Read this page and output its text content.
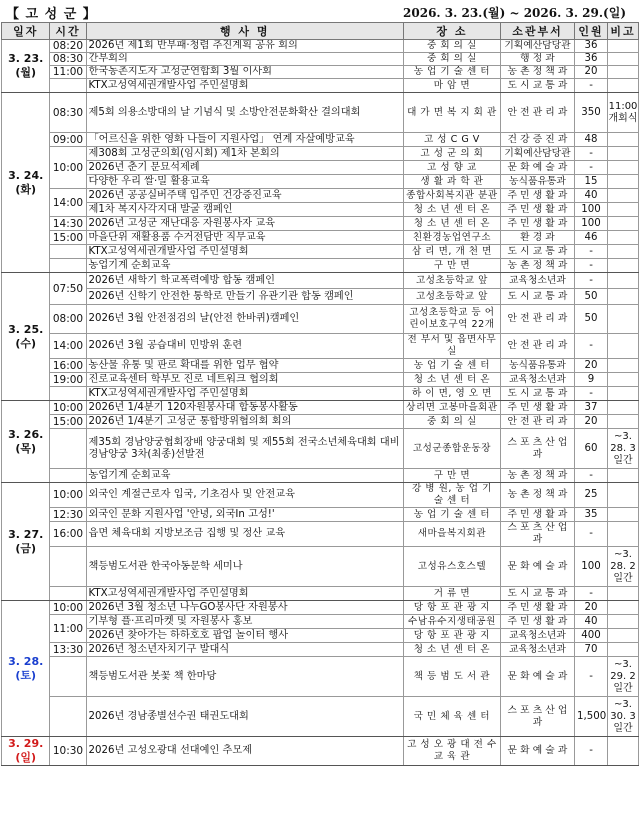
【 고 성 군 】	2026. 3. 23.(월) ~ 2026. 3. 29.(일)
일자	시간	행 사 명	장 소	소관부서	인원	비고

3. 23.
(월)	08:20	2026년 제1회 반부패·청렴 추진계획 공유 회의	중 회 의 실	기획예산담당관	36	
	08:30	간부회의	중 회 의 실	행 정 과	36	
	11:00	한국농촌지도자 고성군연합회 3월 이사회	농 업 기 술 센 터	농 촌 정 책 과	20	
		KTX고성역세권개발사업 주민설명회	마 암 면	도 시 교 통 과	-	

3. 24.
(화)	08:30	제5회 의용소방대의 날 기념식 및 소방안전문화확산 결의대회	대 가 면 복 지 회 관	안 전 관 리 과	350	11:00 개회식
	09:00	「어르신을 위한 영화 나들이 지원사업」 연계 자살예방교육	고 성 C G V	건 강 증 진 과	48	
	10:00	제308회 고성군의회(임시회) 제1차 본회의	고 성 군 의 회	기획예산담당관	-	
		2026년 춘기 문묘석제례	고 성 향 교	문 화 예 술 과	-	
		다양한 우리 쌀·밀 활용교육	생 활 과 학 관	농식품유통과	15	
	14:00	2026년 공공실버주택 입주민 건강증진교육	종합사회복지관 분관	주 민 생 활 과	40	
		제1차 복지사각지대 발굴 캠페인	청 소 년 센 터 온	주 민 생 활 과	100	
	14:30	2026년 고성군 재난대응 자원봉사자 교육	청 소 년 센 터 온	주 민 생 활 과	100	
	15:00	마을단위 재활용품 수거전담반 직무교육	친환경농업연구소	환 경 과	46	
		KTX고성역세권개발사업 주민설명회	삼 리 면, 개 천 면	도 시 교 통 과	-	
		농업기계 순회교육	구 만 면	농 촌 정 책 과	-	

3. 25.
(수)	07:50	2026년 새학기 학교폭력예방 합동 캠페인	고성초등학교 앞	교육청소년과	-	
		2026년 신학기 안전한 통학로 만들기 유관기관 합동 캠페인	고성초등학교 앞	도 시 교 통 과	50	
	08:00	2026년 3월 안전점검의 날(안전 한바퀴)캠페인	고성초등학교 등 어린이보호구역 22개	안 전 관 리 과	50	
	14:00	2026년 3월 공습대비 민방위 훈련	전 부서 및 읍면사무실	안 전 관 리 과	-	
	16:00	농산물 유통 및 판로 확대를 위한 업무 협약	농 업 기 술 센 터	농식품유통과	20	
	19:00	진로교육센터 학부모 진로 네트워크 협의회	청 소 년 센 터 온	교육청소년과	9	
		KTX고성역세권개발사업 주민설명회	하 이 면, 영 오 면	도 시 교 통 과	-	

3. 26.
(목)	10:00	2026년 1/4분기 120자원봉사대 합동봉사활동	상리면 고봉마을회관	주 민 생 활 과	37	
	15:00	2026년 1/4분기 고성군 통합방위협의회 회의	중 회 의 실	안 전 관 리 과	20	
		제35회 경남양궁협회장배 양궁대회 및 제55회 전국소년체육대회 대비 경남양궁 3차(최종)선발전	고성군종합운동장	스 포 츠 산 업 과	60	~3. 28. 3일간
		농업기계 순회교육	구 만 면	농 촌 정 책 과	-	

3. 27.
(금)	10:00	외국인 계절근로자 입국, 기초검사 및 안전교육	강 병 원, 농 업 기 술 센 터	농 촌 정 책 과	25	
	12:30	외국인 문화 지원사업 '안녕, 외국In 고성!'	농 업 기 술 센 터	주 민 생 활 과	35	
	16:00	읍면 체육대회 지방보조금 집행 및 정산 교육	새마을복지회관	스 포 츠 산 업 과	-	
		책등범도서관 한국아동문학 세미나	고성유스호스텔	문 화 예 술 과	100	~3. 28. 2일간
		KTX고성역세권개발사업 주민설명회	거 류 면	도 시 교 통 과	-	

3. 28.
(토)	10:00	2026년 3월 청소년 나누GO봉사단 자원봉사	당 항 포 관 광 지	주 민 생 활 과	20	
	11:00	기부형 플·프리마켓 및 자원봉사 홍보	수남유수지생태공원	주 민 생 활 과	40	
		2026년 찾아가는 하하호호 팝업 놀이터 행사	당 항 포 관 광 지	교육청소년과	400	
	13:30	2026년 청소년자치기구 발대식	청 소 년 센 터 온	교육청소년과	70	
		책등범도서관 봇꽃 책 한마당	책 등 범 도 서 관	문 화 예 술 과	-	~3. 29. 2일간
		2026년 경남종별선수권 태권도대회	국 민 체 육 센 터	스 포 츠 산 업 과	1,500	~3. 30. 3일간

3. 29.
(일)	10:30	2026년 고성오광대 선대예인 추모제	고 성 오 광 대 전 수 교 육 관	문 화 예 술 과	-	
